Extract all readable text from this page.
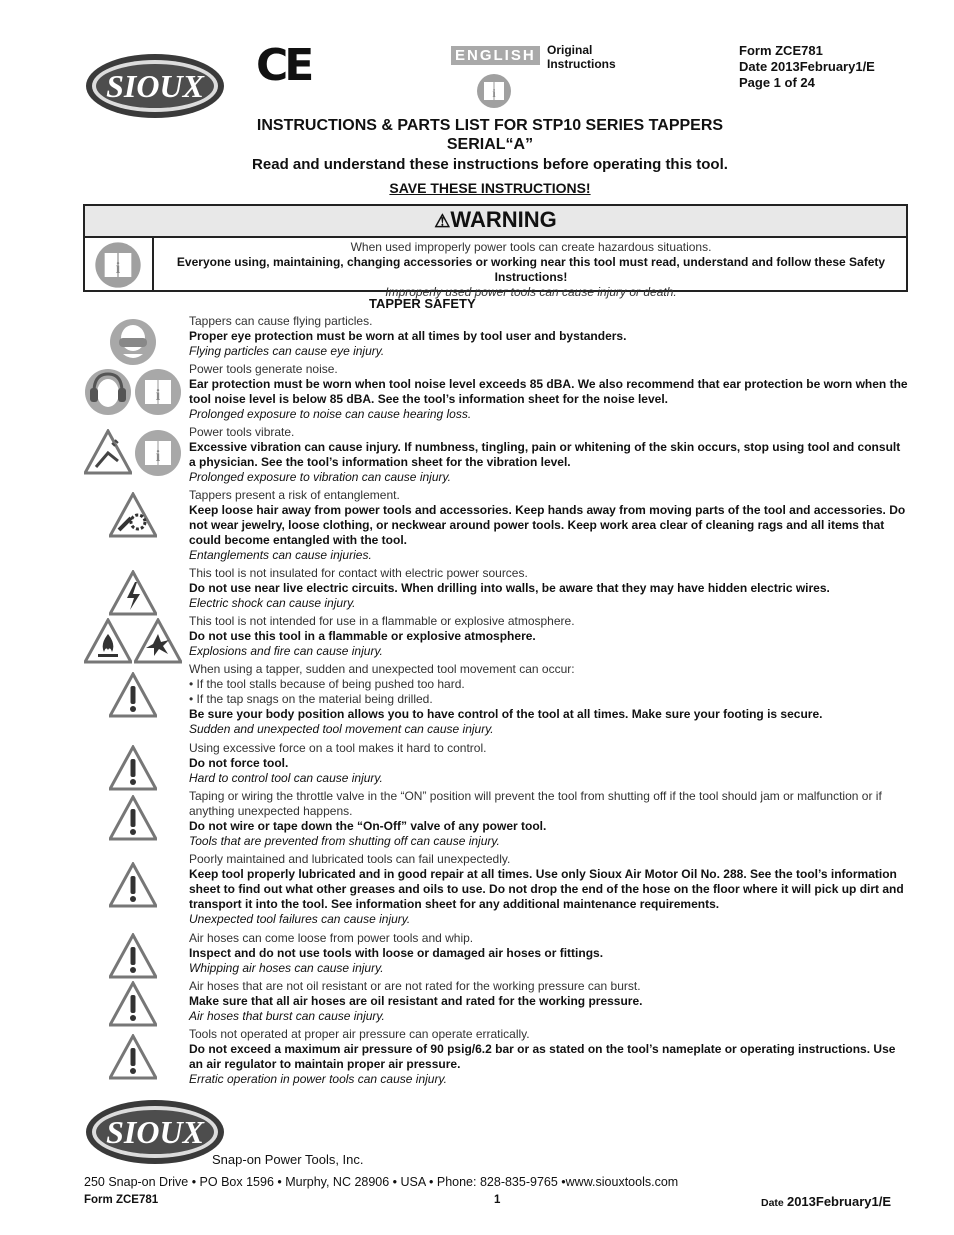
SIOUX CE	ENGLISH Original
Instructions
i
Form ZCE781
Date 2013February1/E
Page 1 of 24
INSTRUCTIONS & PARTS LIST FOR STP10 SERIES TAPPERS
SERIAL“A”
Read and understand these instructions before operating this tool.
SAVE THESE INSTRUCTIONS!
⚠WARNING
i
When used improperly power tools can create hazardous situations.
Everyone using, maintaining, changing accessories or working near this tool must read, understand and follow these Safety Instructions!
Improperly used power tools can cause injury or death.
TAPPER SAFETY
Tappers can cause flying particles.
Proper eye protection must be worn at all times by tool user and bystanders.
Flying particles can cause eye injury.
Power tools generate noise.
Ear protection must be worn when tool noise level exceeds 85 dBA. We also recommend that ear protection be worn when the tool noise level is below 85 dBA. See the tool’s information sheet for the noise level.
Prolonged exposure to noise can cause hearing loss.
Power tools vibrate.
Excessive vibration can cause injury. If numbness, tingling, pain or whitening of the skin occurs, stop using tool and consult a physician. See the tool’s information sheet for the vibration level.
Prolonged exposure to vibration can cause injury.
Tappers present a risk of entanglement.
Keep loose hair away from power tools and accessories. Keep hands away from moving parts of the tool and accessories. Do not wear jewelry, loose clothing, or neckwear around power tools. Keep work area clear of cleaning rags and all items that could become entangled with the tool.
Entanglements can cause injuries.
This tool is not insulated for contact with electric power sources.
Do not use near live electric circuits. When drilling into walls, be aware that they may have hidden electric wires.
Electric shock can cause injury.
This tool is not intended for use in a flammable or explosive atmosphere.
Do not use this tool in a flammable or explosive atmosphere.
Explosions and fire can cause injury.
When using a tapper, sudden and unexpected tool movement can occur:
• If the tool stalls because of being pushed too hard.
• If the tap snags on the material being drilled.
Be sure your body position allows you to have control of the tool at all times. Make sure your footing is secure.
Sudden and unexpected tool movement can cause injury.
Using excessive force on a tool makes it hard to control.
Do not force tool.
Hard to control tool can cause injury.
Taping or wiring the throttle valve in the “ON” position will prevent the tool from shutting off if the tool should jam or malfunction or if anything unexpected happens.
Do not wire or tape down the “On-Off” valve of any power tool.
Tools that are prevented from shutting off can cause injury.
Poorly maintained and lubricated tools can fail unexpectedly.
Keep tool properly lubricated and in good repair at all times. Use only Sioux Air Motor Oil No. 288. See the tool’s information sheet to find out what other greases and oils to use. Do not drop the end of the hose on the floor where it will pick up dirt and transport it into the tool. See information sheet for any additional maintenance requirements.
Unexpected tool failures can cause injury.
Air hoses can come loose from power tools and whip.
Inspect and do not use tools with loose or damaged air hoses or fittings.
Whipping air hoses can cause injury.
Air hoses that are not oil resistant or are not rated for the working pressure can burst.
Make sure that all air hoses are oil resistant and rated for the working pressure.
Air hoses that burst can cause injury.
Tools not operated at proper air pressure can operate erratically.
Do not exceed a maximum air pressure of 90 psig/6.2 bar or as stated on the tool’s nameplate or operating instructions. Use an air regulator to maintain proper air pressure.
Erratic operation in power tools can cause injury.
SIOUX
Snap-on Power Tools, Inc.
250 Snap-on Drive • PO Box 1596 • Murphy, NC 28906 • USA • Phone: 828-835-9765 •www.siouxtools.com
Form ZCE781	1	Date 2013February1/E
i
i
